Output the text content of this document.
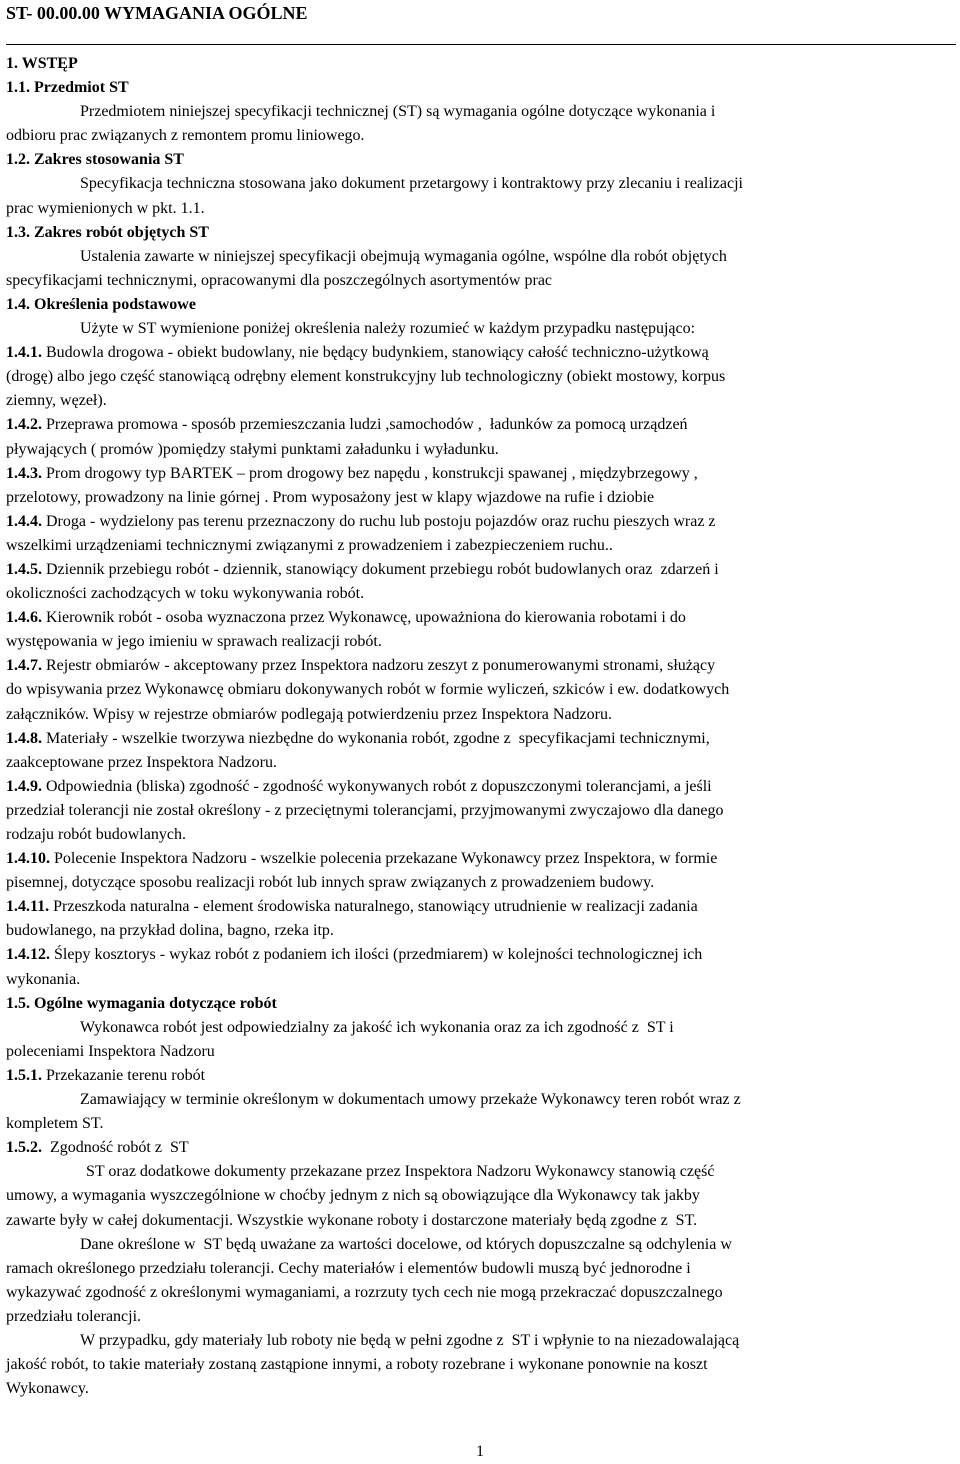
ST- 00.00.00 WYMAGANIA OGÓLNE
1. WSTĘP
1.1. Przedmiot ST
Przedmiotem niniejszej specyfikacji technicznej (ST) są wymagania ogólne dotyczące wykonania i
odbioru prac związanych z remontem promu liniowego.
1.2. Zakres stosowania ST
Specyfikacja techniczna stosowana jako dokument przetargowy i kontraktowy przy zlecaniu i realizacji
prac wymienionych w pkt. 1.1.
1.3. Zakres robót objętych ST
Ustalenia zawarte w niniejszej specyfikacji obejmują wymagania ogólne, wspólne dla robót objętych
specyfikacjami technicznymi, opracowanymi dla poszczególnych asortymentów prac
1.4. Określenia podstawowe
Użyte w ST wymienione poniżej określenia należy rozumieć w każdym przypadku następująco:
1.4.1. Budowla drogowa - obiekt budowlany, nie będący budynkiem, stanowiący całość techniczno-użytkową
(drogę) albo jego część stanowiącą odrębny element konstrukcyjny lub technologiczny (obiekt mostowy, korpus
ziemny, węzeł).
1.4.2. Przeprawa promowa - sposób przemieszczania ludzi ,samochodów ,  ładunków za pomocą urządzeń
pływających ( promów )pomiędzy stałymi punktami załadunku i wyładunku.
1.4.3. Prom drogowy typ BARTEK – prom drogowy bez napędu , konstrukcji spawanej , międzybrzegowy ,
przelotowy, prowadzony na linie górnej . Prom wyposażony jest w klapy wjazdowe na rufie i dziobie
1.4.4. Droga - wydzielony pas terenu przeznaczony do ruchu lub postoju pojazdów oraz ruchu pieszych wraz z
wszelkimi urządzeniami technicznymi związanymi z prowadzeniem i zabezpieczeniem ruchu..
1.4.5. Dziennik przebiegu robót - dziennik, stanowiący dokument przebiegu robót budowlanych oraz  zdarzeń i
okoliczności zachodzących w toku wykonywania robót.
1.4.6. Kierownik robót - osoba wyznaczona przez Wykonawcę, upoważniona do kierowania robotami i do
występowania w jego imieniu w sprawach realizacji robót.
1.4.7. Rejestr obmiarów - akceptowany przez Inspektora nadzoru zeszyt z ponumerowanymi stronami, służący
do wpisywania przez Wykonawcę obmiaru dokonywanych robót w formie wyliczeń, szkiców i ew. dodatkowych
załączników. Wpisy w rejestrze obmiarów podlegają potwierdzeniu przez Inspektora Nadzoru.
1.4.8. Materiały - wszelkie tworzywa niezbędne do wykonania robót, zgodne z  specyfikacjami technicznymi,
zaakceptowane przez Inspektora Nadzoru.
1.4.9. Odpowiednia (bliska) zgodność - zgodność wykonywanych robót z dopuszczonymi tolerancjami, a jeśli
przedział tolerancji nie został określony - z przeciętnymi tolerancjami, przyjmowanymi zwyczajowo dla danego
rodzaju robót budowlanych.
1.4.10. Polecenie Inspektora Nadzoru - wszelkie polecenia przekazane Wykonawcy przez Inspektora, w formie
pisemnej, dotyczące sposobu realizacji robót lub innych spraw związanych z prowadzeniem budowy.
1.4.11. Przeszkoda naturalna - element środowiska naturalnego, stanowiący utrudnienie w realizacji zadania
budowlanego, na przykład dolina, bagno, rzeka itp.
1.4.12. Ślepy kosztorys - wykaz robót z podaniem ich ilości (przedmiarem) w kolejności technologicznej ich
wykonania.
1.5. Ogólne wymagania dotyczące robót
Wykonawca robót jest odpowiedzialny za jakość ich wykonania oraz za ich zgodność z  ST i
poleceniami Inspektora Nadzoru
1.5.1. Przekazanie terenu robót
Zamawiający w terminie określonym w dokumentach umowy przekaże Wykonawcy teren robót wraz z
kompletem ST.
1.5.2.  Zgodność robót z  ST
ST oraz dodatkowe dokumenty przekazane przez Inspektora Nadzoru Wykonawcy stanowią część
umowy, a wymagania wyszczególnione w choćby jednym z nich są obowiązujące dla Wykonawcy tak jakby
zawarte były w całej dokumentacji. Wszystkie wykonane roboty i dostarczone materiały będą zgodne z  ST.
Dane określone w  ST będą uważane za wartości docelowe, od których dopuszczalne są odchylenia w
ramach określonego przedziału tolerancji. Cechy materiałów i elementów budowli muszą być jednorodne i
wykazywać zgodność z określonymi wymaganiami, a rozrzuty tych cech nie mogą przekraczać dopuszczalnego
przedziału tolerancji.
W przypadku, gdy materiały lub roboty nie będą w pełni zgodne z  ST i wpłynie to na niezadowalającą
jakość robót, to takie materiały zostaną zastąpione innymi, a roboty rozebrane i wykonane ponownie na koszt
Wykonawcy.
1
